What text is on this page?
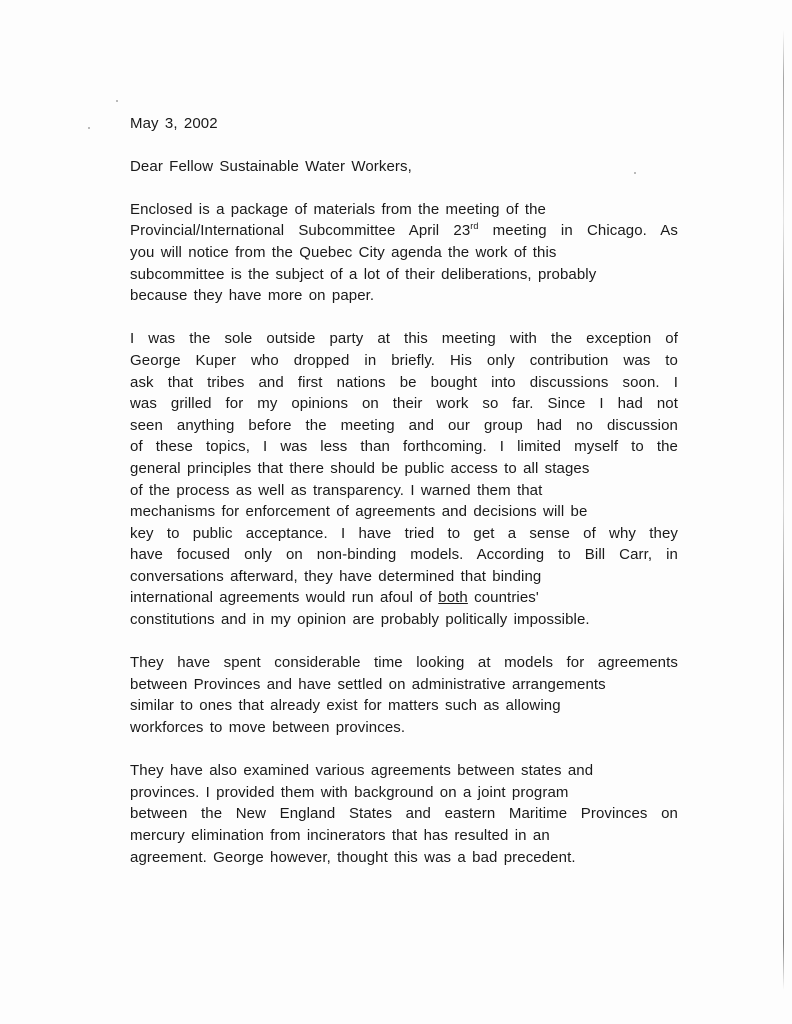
May 3, 2002
Dear Fellow Sustainable Water Workers,
Enclosed is a package of materials from the meeting of the
Provincial/International Subcommittee April 23rd meeting in Chicago. As
you will notice from the Quebec City agenda the work of this
subcommittee is the subject of a lot of their deliberations, probably
because they have more on paper.
I was the sole outside party at this meeting with the exception of
George Kuper who dropped in briefly. His only contribution was to
ask that tribes and first nations be bought into discussions soon. I
was grilled for my opinions on their work so far. Since I had not
seen anything before the meeting and our group had no discussion
of these topics, I was less than forthcoming. I limited myself to the
general principles that there should be public access to all stages
of the process as well as transparency. I warned them that
mechanisms for enforcement of agreements and decisions will be
key to public acceptance. I have tried to get a sense of why they
have focused only on non-binding models. According to Bill Carr, in
conversations afterward, they have determined that binding
international agreements would run afoul of both countries'
constitutions and in my opinion are probably politically impossible.
They have spent considerable time looking at models for agreements
between Provinces and have settled on administrative arrangements
similar to ones that already exist for matters such as allowing
workforces to move between provinces.
They have also examined various agreements between states and
provinces. I provided them with background on a joint program
between the New England States and eastern Maritime Provinces on
mercury elimination from incinerators that has resulted in an
agreement. George however, thought this was a bad precedent.
